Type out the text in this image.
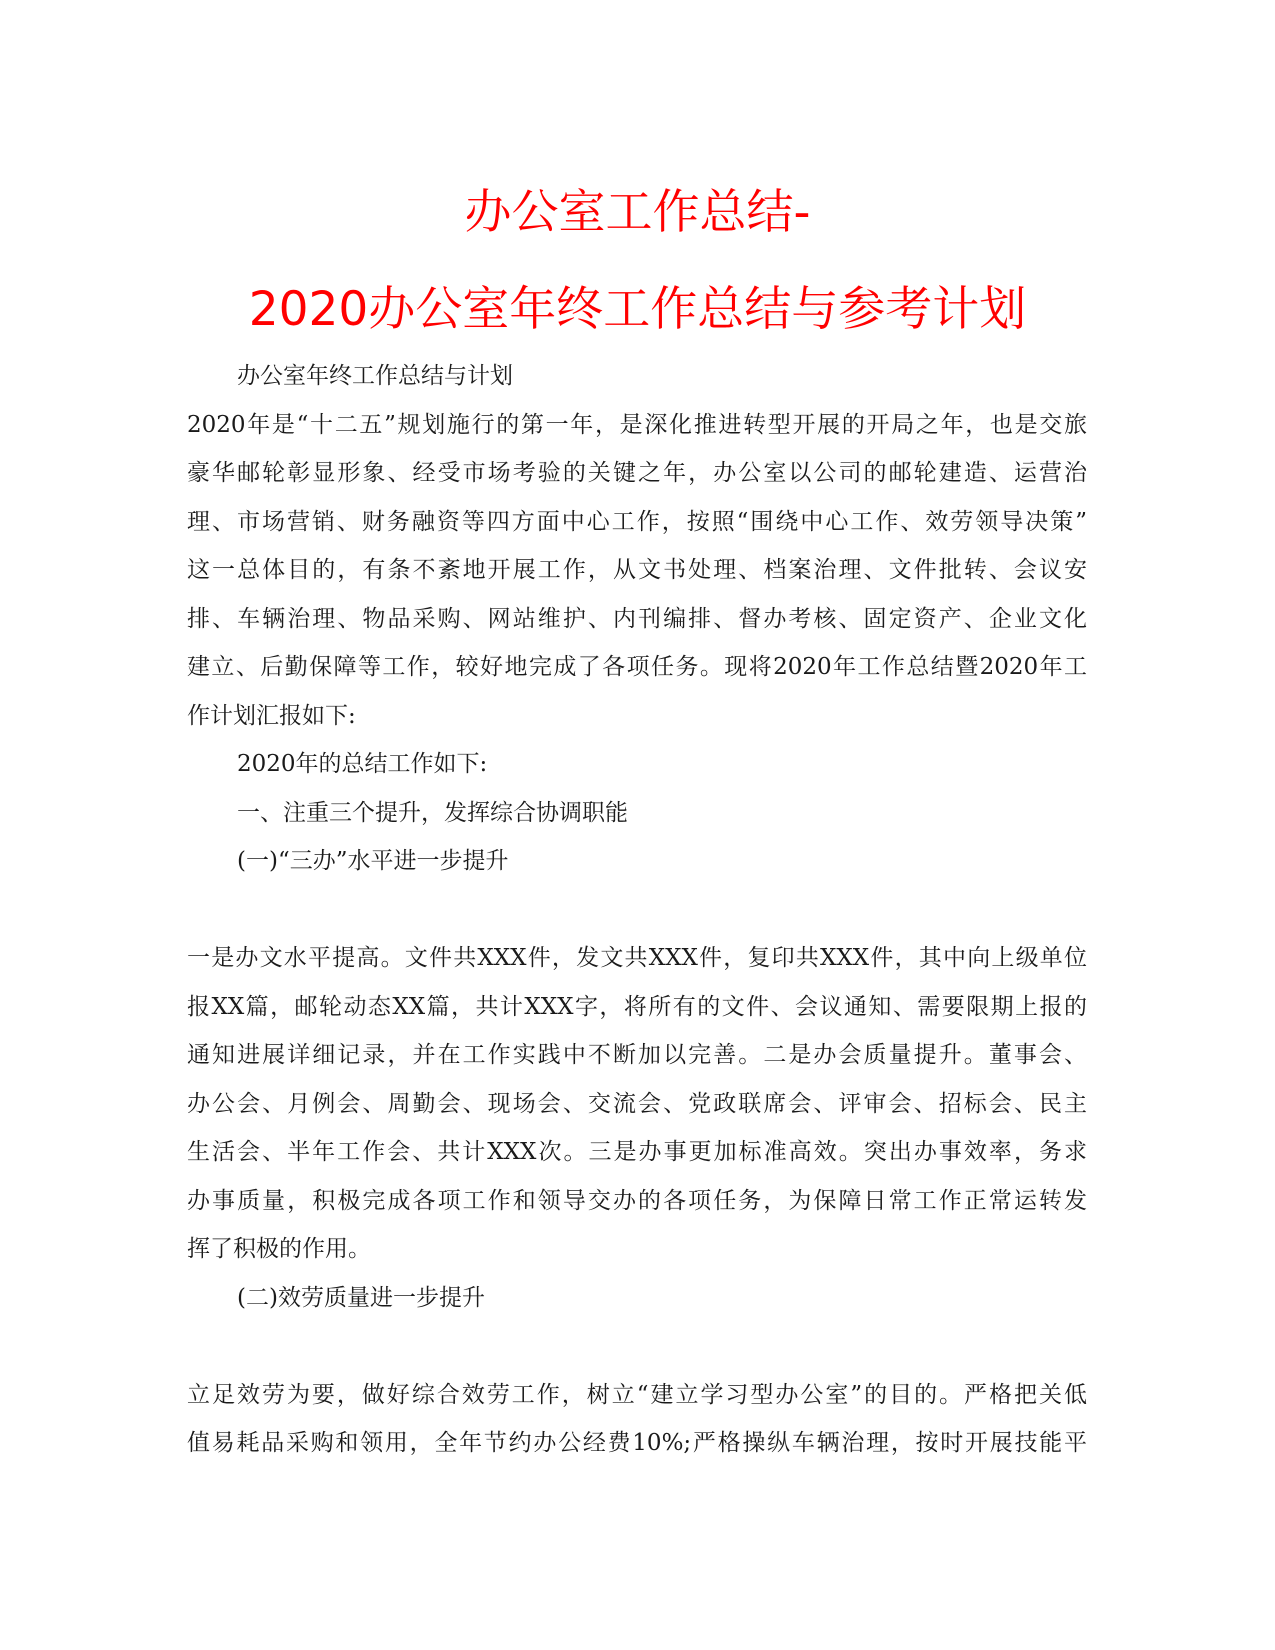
办公室工作总结-
2020办公室年终工作总结与参考计划
办公室年终工作总结与计划
2020年是“十二五”规划施行的第一年，是深化推进转型开展的开局之年，也是交旅
豪华邮轮彰显形象、经受市场考验的关键之年，办公室以公司的邮轮建造、运营治
理、市场营销、财务融资等四方面中心工作，按照“围绕中心工作、效劳领导决策”
这一总体目的，有条不紊地开展工作，从文书处理、档案治理、文件批转、会议安
排、车辆治理、物品采购、网站维护、内刊编排、督办考核、固定资产、企业文化
建立、后勤保障等工作，较好地完成了各项任务。现将2020年工作总结暨2020年工
作计划汇报如下:
2020年的总结工作如下:
一、注重三个提升，发挥综合协调职能
(一)“三办”水平进一步提升
一是办文水平提高。文件共XXX件，发文共XXX件，复印共XXX件，其中向上级单位
报XX篇，邮轮动态XX篇，共计XXX字，将所有的文件、会议通知、需要限期上报的
通知进展详细记录，并在工作实践中不断加以完善。二是办会质量提升。董事会、
办公会、月例会、周勤会、现场会、交流会、党政联席会、评审会、招标会、民主
生活会、半年工作会、共计XXX次。三是办事更加标准高效。突出办事效率，务求
办事质量，积极完成各项工作和领导交办的各项任务，为保障日常工作正常运转发
挥了积极的作用。
(二)效劳质量进一步提升
立足效劳为要，做好综合效劳工作，树立“建立学习型办公室”的目的。严格把关低
值易耗品采购和领用，全年节约办公经费10%;严格操纵车辆治理，按时开展技能平
